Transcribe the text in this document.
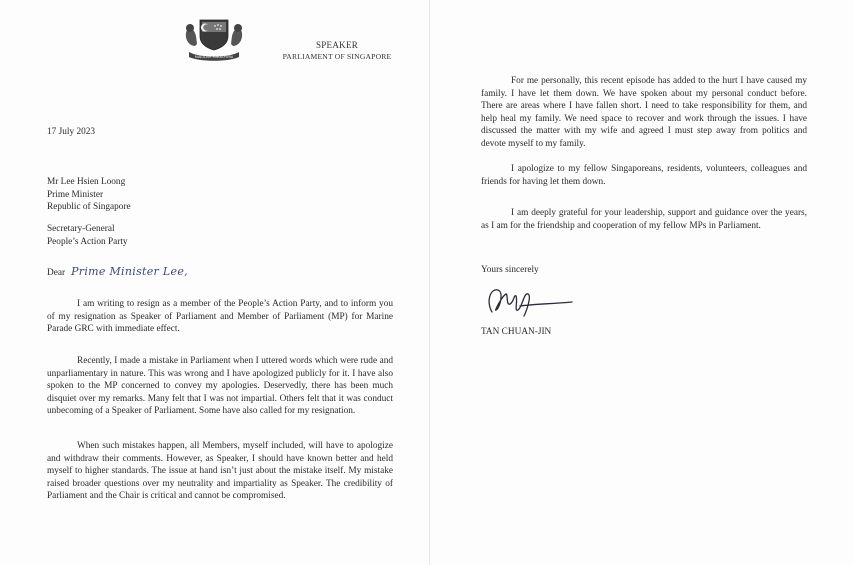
MAJULAH SINGAPURA
SPEAKER
PARLIAMENT OF SINGAPORE
17 July 2023
Mr Lee Hsien Loong
Prime Minister
Republic of Singapore
Secretary-General
People’s Action Party
Dear Prime Minister Lee,
I am writing to resign as a member of the People’s Action Party, and to inform you of my resignation as Speaker of Parliament and Member of Parliament (MP) for Marine Parade GRC with immediate effect.
Recently, I made a mistake in Parliament when I uttered words which were rude and unparliamentary in nature. This was wrong and I have apologized publicly for it. I have also spoken to the MP concerned to convey my apologies. Deservedly, there has been much disquiet over my remarks. Many felt that I was not impartial. Others felt that it was conduct unbecoming of a Speaker of Parliament. Some have also called for my resignation.
When such mistakes happen, all Members, myself included, will have to apologize and withdraw their comments. However, as Speaker, I should have known better and held myself to higher standards. The issue at hand isn’t just about the mistake itself. My mistake raised broader questions over my neutrality and impartiality as Speaker. The credibility of Parliament and the Chair is critical and cannot be compromised.
For me personally, this recent episode has added to the hurt I have caused my family. I have let them down. We have spoken about my personal conduct before. There are areas where I have fallen short. I need to take responsibility for them, and help heal my family. We need space to recover and work through the issues. I have discussed the matter with my wife and agreed I must step away from politics and devote myself to my family.
I apologize to my fellow Singaporeans, residents, volunteers, colleagues and friends for having let them down.
I am deeply grateful for your leadership, support and guidance over the years, as I am for the friendship and cooperation of my fellow MPs in Parliament.
Yours sincerely
TAN CHUAN-JIN
